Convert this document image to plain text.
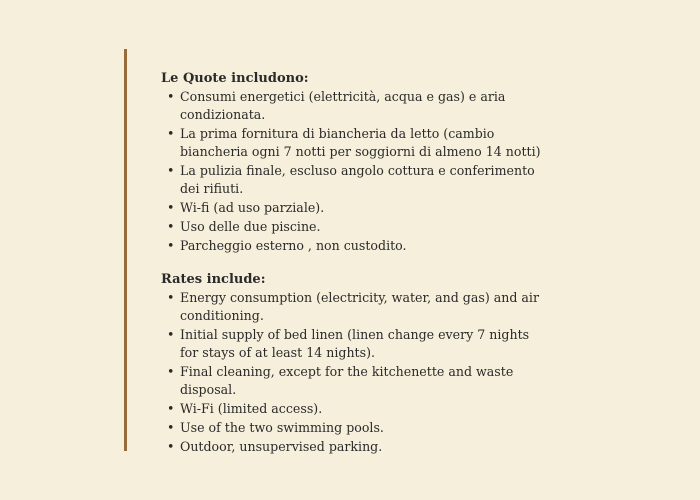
Le Quote includono:

• Consumi energetici (elettricità, acqua e gas) e aria condizionata.
• La prima fornitura di biancheria da letto (cambio biancheria ogni 7 notti per soggiorni di almeno 14 notti)
• La pulizia finale, escluso angolo cottura e conferimento dei rifiuti.
• Wi-fi (ad uso parziale).
• Uso delle due piscine.
• Parcheggio esterno , non custodito.

Rates include:

• Energy consumption (electricity, water, and gas) and air conditioning.
• Initial supply of bed linen (linen change every 7 nights for stays of at least 14 nights).
• Final cleaning, except for the kitchenette and waste disposal.
• Wi-Fi (limited access).
• Use of the two swimming pools.
• Outdoor, unsupervised parking.
